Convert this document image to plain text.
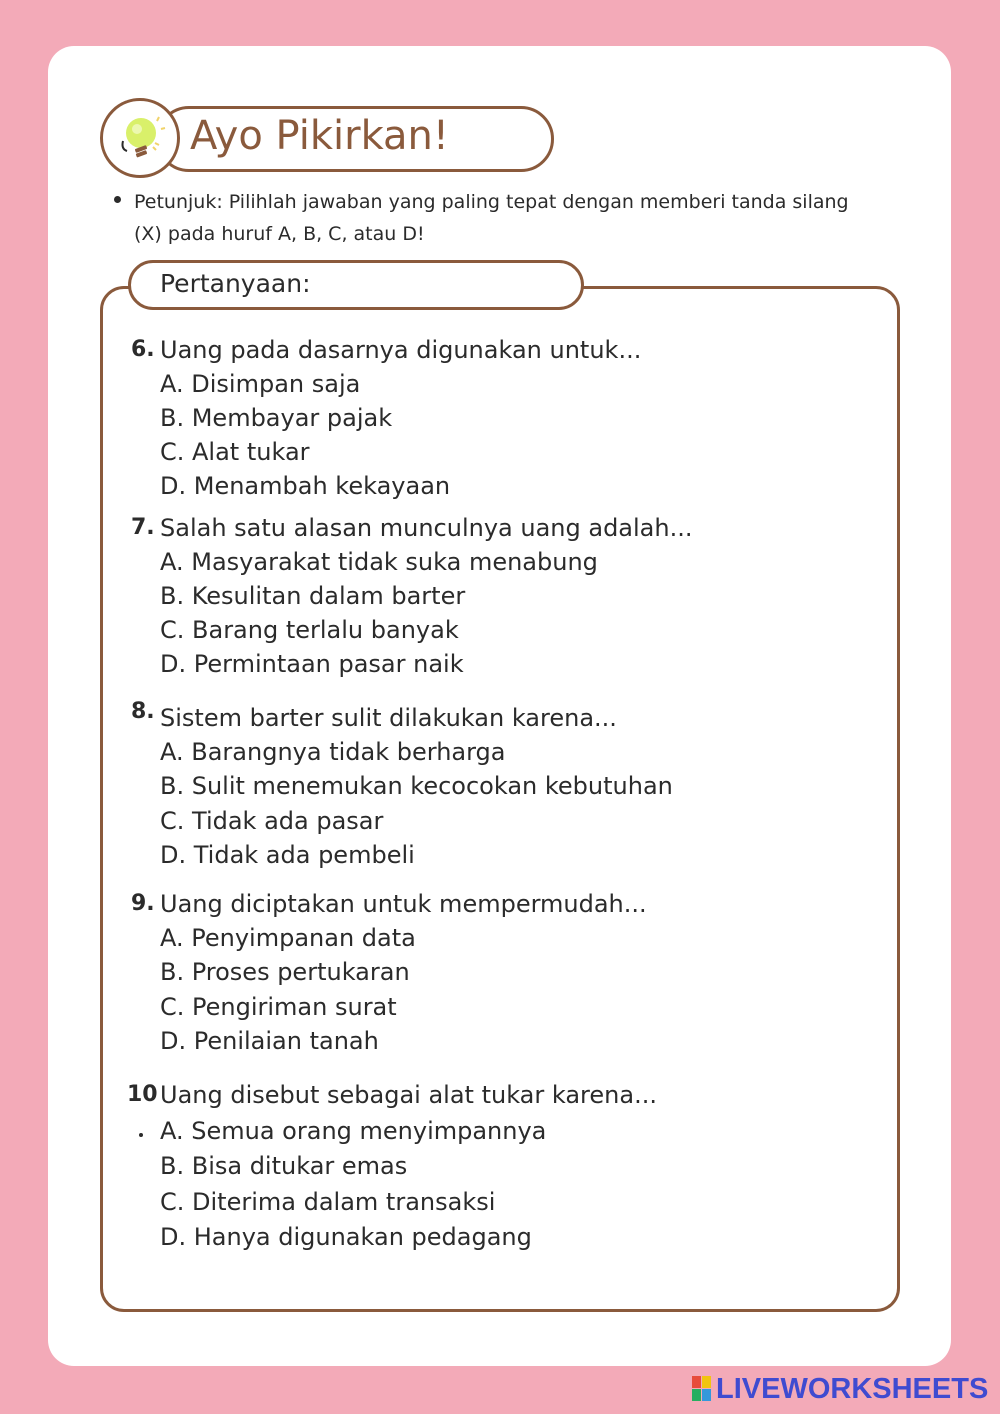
Ayo Pikirkan!
Petunjuk: Pilihlah jawaban yang paling tepat dengan memberi tanda silang
(X) pada huruf A, B, C, atau D!
Pertanyaan:
6. Uang pada dasarnya digunakan untuk...
A. Disimpan saja
B. Membayar pajak
C. Alat tukar
D. Menambah kekayaan
7. Salah satu alasan munculnya uang adalah...
A. Masyarakat tidak suka menabung
B. Kesulitan dalam barter
C. Barang terlalu banyak
D. Permintaan pasar naik
8. Sistem barter sulit dilakukan karena...
A. Barangnya tidak berharga
B. Sulit menemukan kecocokan kebutuhan
C. Tidak ada pasar
D. Tidak ada pembeli
9. Uang diciptakan untuk mempermudah...
A. Penyimpanan data
B. Proses pertukaran
C. Pengiriman surat
D. Penilaian tanah
10 Uang disebut sebagai alat tukar karena...
A. Semua orang menyimpannya
B. Bisa ditukar emas
C. Diterima dalam transaksi
D. Hanya digunakan pedagang
LIVEWORKSHEETS
